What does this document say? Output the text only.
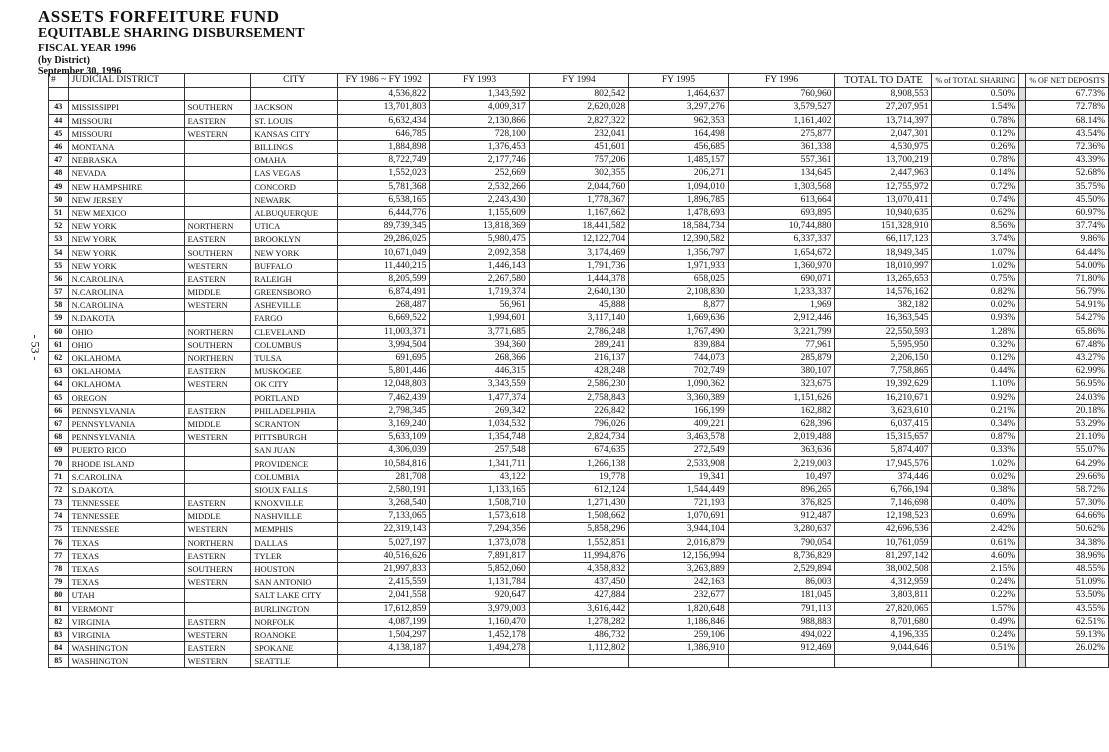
ASSETS FORFEITURE FUND
EQUITABLE SHARING DISBURSEMENT
FISCAL YEAR 1996
(by District)
September 30, 1996
- 53 -
#	JUDICIAL DISTRICT		CITY	FY 1986 ~ FY 1992	FY 1993	FY 1994	FY 1995	FY 1996	TOTAL TO DATE	% of TOTAL SHARING		% OF NET DEPOSITS
				4,536,822	1,343,592	802,542	1,464,637	760,960	8,908,553	0.50%		67.73%
43	MISSISSIPPI	SOUTHERN	JACKSON	13,701,803	4,009,317	2,620,028	3,297,276	3,579,527	27,207,951	1.54%		72.78%
44	MISSOURI	EASTERN	ST. LOUIS	6,632,434	2,130,866	2,827,322	962,353	1,161,402	13,714,397	0.78%		68.14%
45	MISSOURI	WESTERN	KANSAS CITY	646,785	728,100	232,041	164,498	275,877	2,047,301	0.12%		43.54%
46	MONTANA		BILLINGS	1,884,898	1,376,453	451,601	456,685	361,338	4,530,975	0.26%		72.36%
47	NEBRASKA		OMAHA	8,722,749	2,177,746	757,206	1,485,157	557,361	13,700,219	0.78%		43.39%
48	NEVADA		LAS VEGAS	1,552,023	252,669	302,355	206,271	134,645	2,447,963	0.14%		52.68%
49	NEW HAMPSHIRE		CONCORD	5,781,368	2,532,266	2,044,760	1,094,010	1,303,568	12,755,972	0.72%		35.75%
50	NEW JERSEY		NEWARK	6,538,165	2,243,430	1,778,367	1,896,785	613,664	13,070,411	0.74%		45.50%
51	NEW MEXICO		ALBUQUERQUE	6,444,776	1,155,609	1,167,662	1,478,693	693,895	10,940,635	0.62%		60.97%
52	NEW YORK	NORTHERN	UTICA	89,739,345	13,818,369	18,441,582	18,584,734	10,744,880	151,328,910	8.56%		37.74%
53	NEW YORK	EASTERN	BROOKLYN	29,286,025	5,980,475	12,122,704	12,390,582	6,337,337	66,117,123	3.74%		9.86%
54	NEW YORK	SOUTHERN	NEW YORK	10,671,049	2,092,358	3,174,469	1,356,797	1,654,672	18,949,345	1.07%		64.44%
55	NEW YORK	WESTERN	BUFFALO	11,440,215	1,446,143	1,791,736	1,971,933	1,360,970	18,010,997	1.02%		54.00%
56	N.CAROLINA	EASTERN	RALEIGH	8,205,599	2,267,580	1,444,378	658,025	690,071	13,265,653	0.75%		71.80%
57	N.CAROLINA	MIDDLE	GREENSBORO	6,874,491	1,719,374	2,640,130	2,108,830	1,233,337	14,576,162	0.82%		56.79%
58	N.CAROLINA	WESTERN	ASHEVILLE	268,487	56,961	45,888	8,877	1,969	382,182	0.02%		54.91%
59	N.DAKOTA		FARGO	6,669,522	1,994,601	3,117,140	1,669,636	2,912,446	16,363,545	0.93%		54.27%
60	OHIO	NORTHERN	CLEVELAND	11,003,371	3,771,685	2,786,248	1,767,490	3,221,799	22,550,593	1.28%		65.86%
61	OHIO	SOUTHERN	COLUMBUS	3,994,504	394,360	289,241	839,884	77,961	5,595,950	0.32%		67.48%
62	OKLAHOMA	NORTHERN	TULSA	691,695	268,366	216,137	744,073	285,879	2,206,150	0.12%		43.27%
63	OKLAHOMA	EASTERN	MUSKOGEE	5,801,446	446,315	428,248	702,749	380,107	7,758,865	0.44%		62.99%
64	OKLAHOMA	WESTERN	OK CITY	12,048,803	3,343,559	2,586,230	1,090,362	323,675	19,392,629	1.10%		56.95%
65	OREGON		PORTLAND	7,462,439	1,477,374	2,758,843	3,360,389	1,151,626	16,210,671	0.92%		24.03%
66	PENNSYLVANIA	EASTERN	PHILADELPHIA	2,798,345	269,342	226,842	166,199	162,882	3,623,610	0.21%		20.18%
67	PENNSYLVANIA	MIDDLE	SCRANTON	3,169,240	1,034,532	796,026	409,221	628,396	6,037,415	0.34%		53.29%
68	PENNSYLVANIA	WESTERN	PITTSBURGH	5,633,109	1,354,748	2,824,734	3,463,578	2,019,488	15,315,657	0.87%		21.10%
69	PUERTO RICO		SAN JUAN	4,306,039	257,548	674,635	272,549	363,636	5,874,407	0.33%		55.07%
70	RHODE ISLAND		PROVIDENCE	10,584,816	1,341,711	1,266,138	2,533,908	2,219,003	17,945,576	1.02%		64.29%
71	S.CAROLINA		COLUMBIA	281,708	43,122	19,778	19,341	10,497	374,446	0.02%		29.66%
72	S.DAKOTA		SIOUX FALLS	2,580,191	1,133,165	612,124	1,544,449	896,265	6,766,194	0.38%		58.72%
73	TENNESSEE	EASTERN	KNOXVILLE	3,268,540	1,508,710	1,271,430	721,193	376,825	7,146,698	0.40%		57.30%
74	TENNESSEE	MIDDLE	NASHVILLE	7,133,065	1,573,618	1,508,662	1,070,691	912,487	12,198,523	0.69%		64.66%
75	TENNESSEE	WESTERN	MEMPHIS	22,319,143	7,294,356	5,858,296	3,944,104	3,280,637	42,696,536	2.42%		50.62%
76	TEXAS	NORTHERN	DALLAS	5,027,197	1,373,078	1,552,851	2,016,879	790,054	10,761,059	0.61%		34.38%
77	TEXAS	EASTERN	TYLER	40,516,626	7,891,817	11,994,876	12,156,994	8,736,829	81,297,142	4.60%		38.96%
78	TEXAS	SOUTHERN	HOUSTON	21,997,833	5,852,060	4,358,832	3,263,889	2,529,894	38,002,508	2.15%		48.55%
79	TEXAS	WESTERN	SAN ANTONIO	2,415,559	1,131,784	437,450	242,163	86,003	4,312,959	0.24%		51.09%
80	UTAH		SALT LAKE CITY	2,041,558	920,647	427,884	232,677	181,045	3,803,811	0.22%		53.50%
81	VERMONT		BURLINGTON	17,612,859	3,979,003	3,616,442	1,820,648	791,113	27,820,065	1.57%		43.55%
82	VIRGINIA	EASTERN	NORFOLK	4,087,199	1,160,470	1,278,282	1,186,846	988,883	8,701,680	0.49%		62.51%
83	VIRGINIA	WESTERN	ROANOKE	1,504,297	1,452,178	486,732	259,106	494,022	4,196,335	0.24%		59.13%
84	WASHINGTON	EASTERN	SPOKANE	4,138,187	1,494,278	1,112,802	1,386,910	912,469	9,044,646	0.51%		26.02%
85	WASHINGTON	WESTERN	SEATTLE									
